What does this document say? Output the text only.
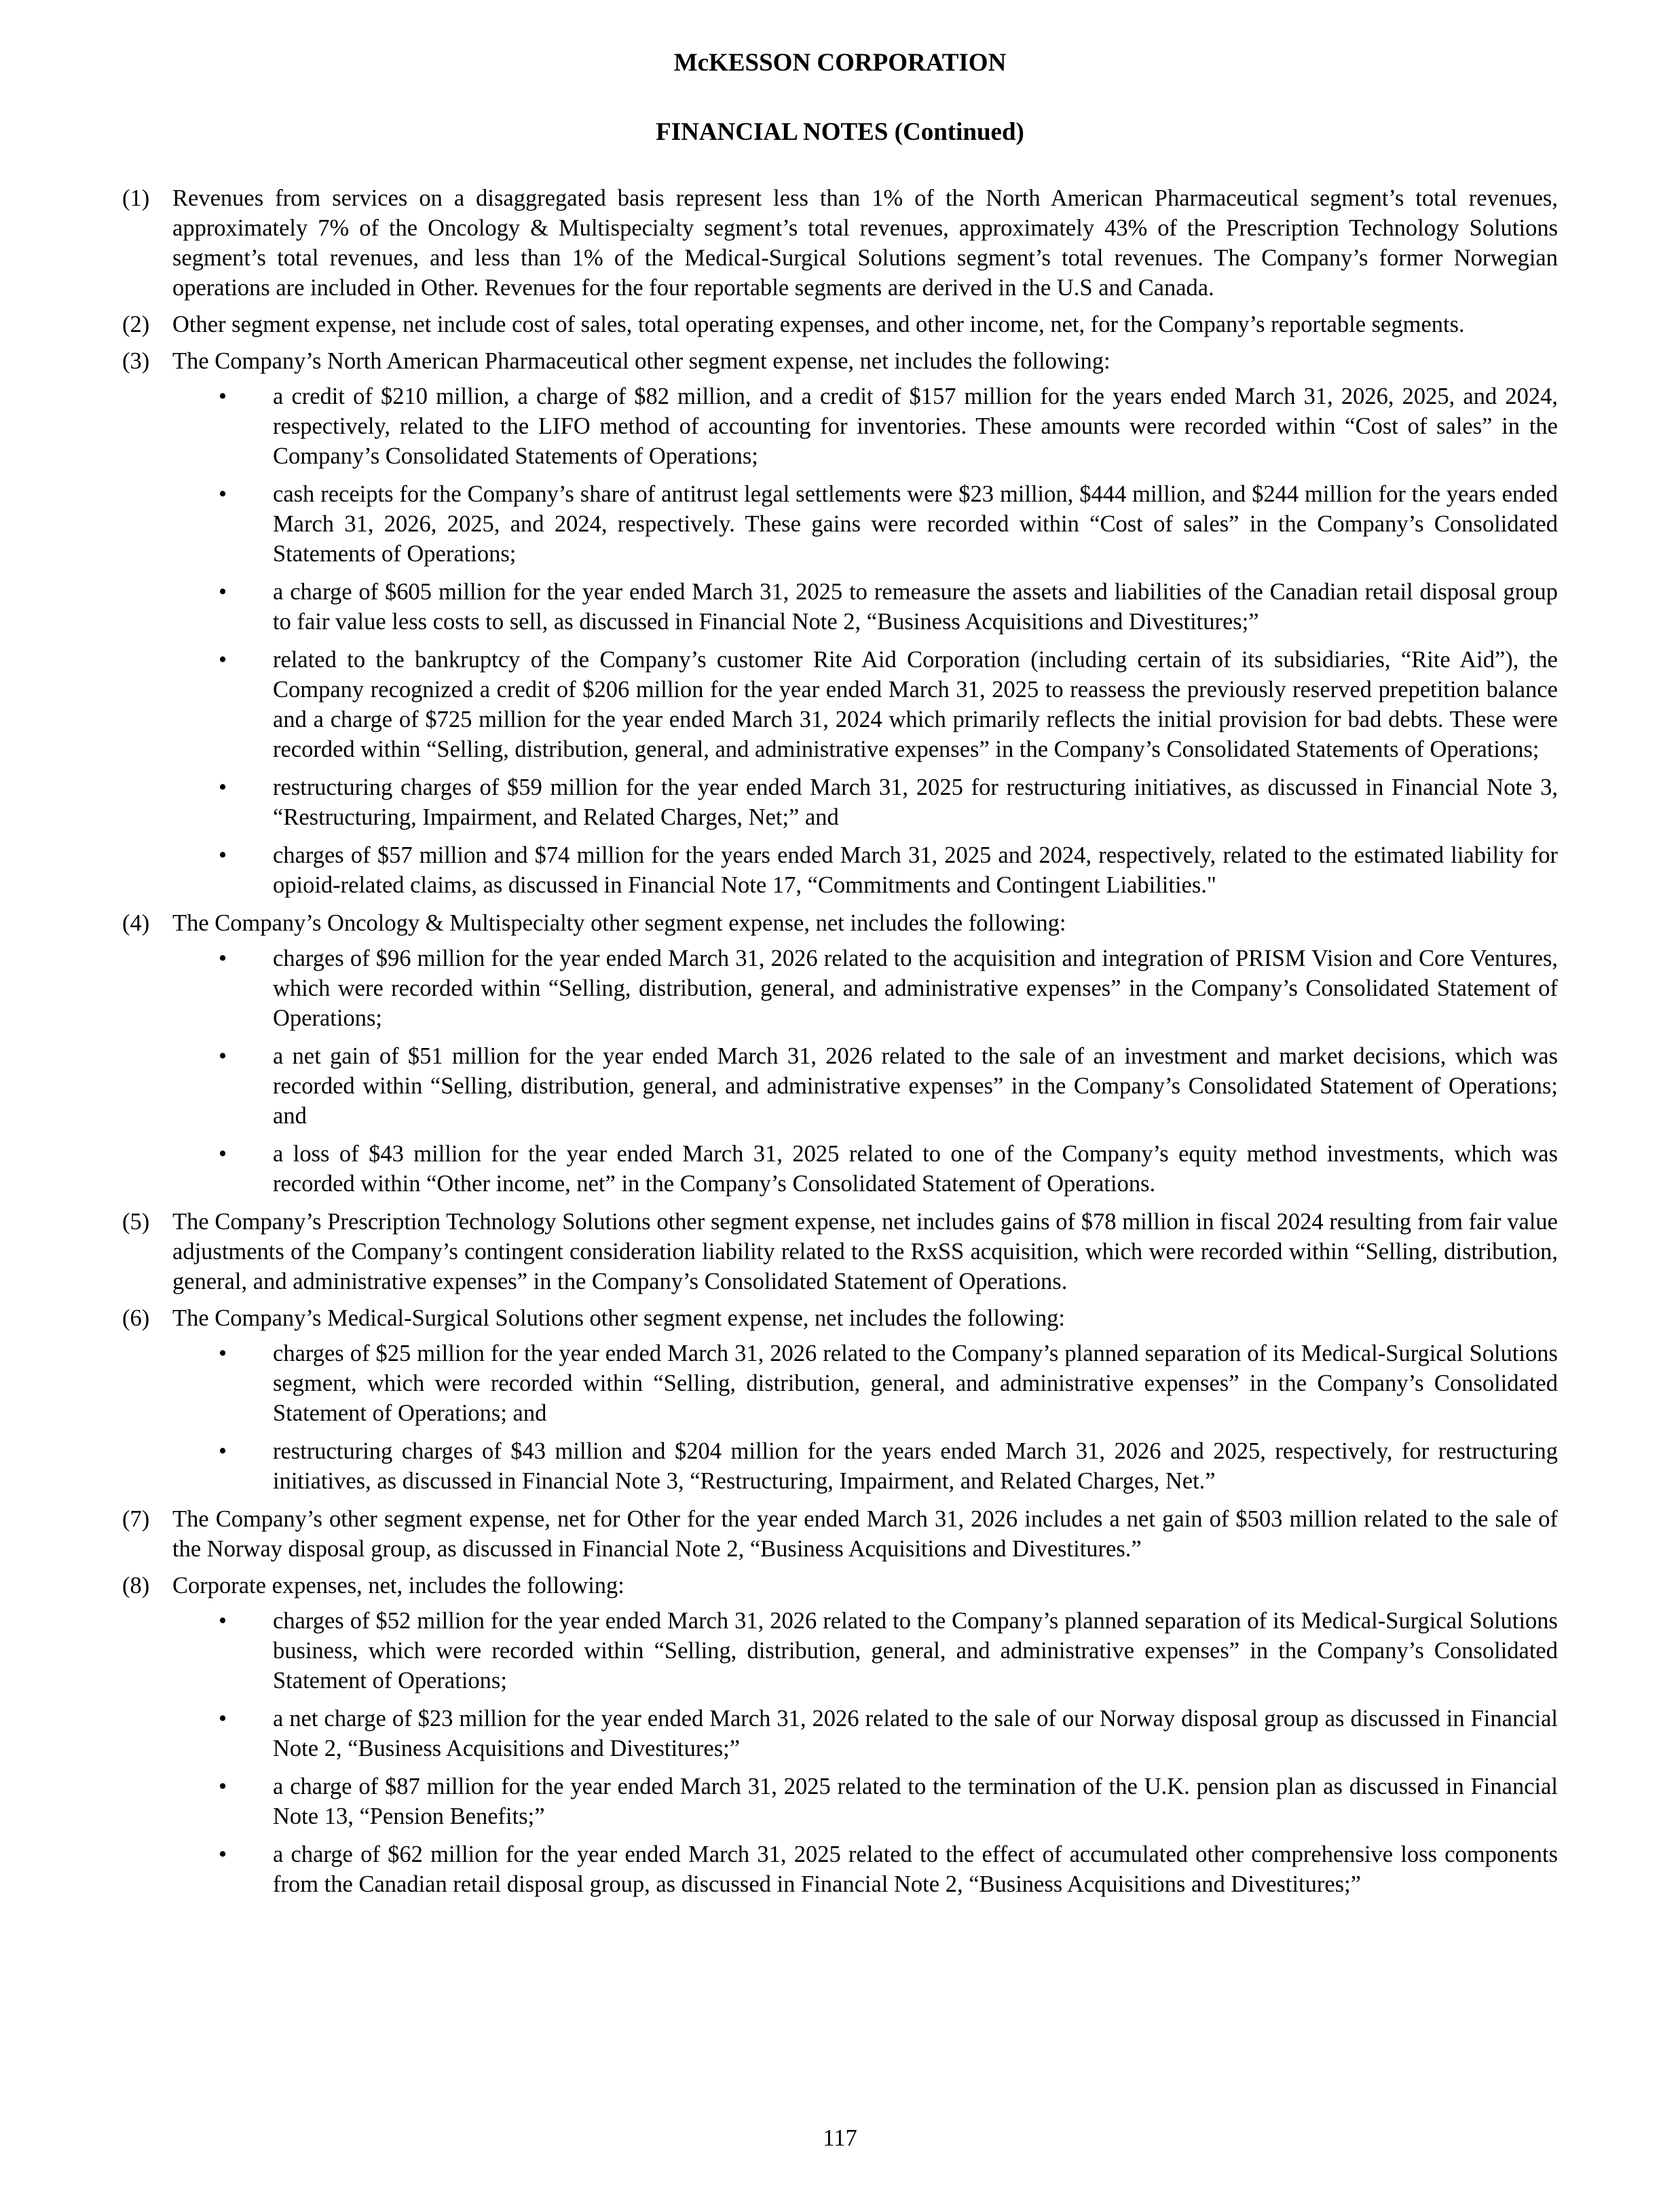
McKESSON CORPORATION
FINANCIAL NOTES (Continued)
(1) Revenues from services on a disaggregated basis represent less than 1% of the North American Pharmaceutical segment’s total revenues, approximately 7% of the Oncology & Multispecialty segment’s total revenues, approximately 43% of the Prescription Technology Solutions segment’s total revenues, and less than 1% of the Medical-Surgical Solutions segment’s total revenues. The Company’s former Norwegian operations are included in Other. Revenues for the four reportable segments are derived in the U.S and Canada.
(2) Other segment expense, net include cost of sales, total operating expenses, and other income, net, for the Company’s reportable segments.
(3) The Company’s North American Pharmaceutical other segment expense, net includes the following:
• a credit of $210 million, a charge of $82 million, and a credit of $157 million for the years ended March 31, 2026, 2025, and 2024, respectively, related to the LIFO method of accounting for inventories. These amounts were recorded within “Cost of sales” in the Company’s Consolidated Statements of Operations;
• cash receipts for the Company’s share of antitrust legal settlements were $23 million, $444 million, and $244 million for the years ended March 31, 2026, 2025, and 2024, respectively. These gains were recorded within “Cost of sales” in the Company’s Consolidated Statements of Operations;
• a charge of $605 million for the year ended March 31, 2025 to remeasure the assets and liabilities of the Canadian retail disposal group to fair value less costs to sell, as discussed in Financial Note 2, “Business Acquisitions and Divestitures;”
• related to the bankruptcy of the Company’s customer Rite Aid Corporation (including certain of its subsidiaries, “Rite Aid”), the Company recognized a credit of $206 million for the year ended March 31, 2025 to reassess the previously reserved prepetition balance and a charge of $725 million for the year ended March 31, 2024 which primarily reflects the initial provision for bad debts. These were recorded within “Selling, distribution, general, and administrative expenses” in the Company’s Consolidated Statements of Operations;
• restructuring charges of $59 million for the year ended March 31, 2025 for restructuring initiatives, as discussed in Financial Note 3, “Restructuring, Impairment, and Related Charges, Net;” and
• charges of $57 million and $74 million for the years ended March 31, 2025 and 2024, respectively, related to the estimated liability for opioid-related claims, as discussed in Financial Note 17, “Commitments and Contingent Liabilities."
(4) The Company’s Oncology & Multispecialty other segment expense, net includes the following:
• charges of $96 million for the year ended March 31, 2026 related to the acquisition and integration of PRISM Vision and Core Ventures, which were recorded within “Selling, distribution, general, and administrative expenses” in the Company’s Consolidated Statement of Operations;
• a net gain of $51 million for the year ended March 31, 2026 related to the sale of an investment and market decisions, which was recorded within “Selling, distribution, general, and administrative expenses” in the Company’s Consolidated Statement of Operations; and
• a loss of $43 million for the year ended March 31, 2025 related to one of the Company’s equity method investments, which was recorded within “Other income, net” in the Company’s Consolidated Statement of Operations.
(5) The Company’s Prescription Technology Solutions other segment expense, net includes gains of $78 million in fiscal 2024 resulting from fair value adjustments of the Company’s contingent consideration liability related to the RxSS acquisition, which were recorded within “Selling, distribution, general, and administrative expenses” in the Company’s Consolidated Statement of Operations.
(6) The Company’s Medical-Surgical Solutions other segment expense, net includes the following:
• charges of $25 million for the year ended March 31, 2026 related to the Company’s planned separation of its Medical-Surgical Solutions segment, which were recorded within “Selling, distribution, general, and administrative expenses” in the Company’s Consolidated Statement of Operations; and
• restructuring charges of $43 million and $204 million for the years ended March 31, 2026 and 2025, respectively, for restructuring initiatives, as discussed in Financial Note 3, “Restructuring, Impairment, and Related Charges, Net.”
(7) The Company’s other segment expense, net for Other for the year ended March 31, 2026 includes a net gain of $503 million related to the sale of the Norway disposal group, as discussed in Financial Note 2, “Business Acquisitions and Divestitures.”
(8) Corporate expenses, net, includes the following:
• charges of $52 million for the year ended March 31, 2026 related to the Company’s planned separation of its Medical-Surgical Solutions business, which were recorded within “Selling, distribution, general, and administrative expenses” in the Company’s Consolidated Statement of Operations;
• a net charge of $23 million for the year ended March 31, 2026 related to the sale of our Norway disposal group as discussed in Financial Note 2, “Business Acquisitions and Divestitures;”
• a charge of $87 million for the year ended March 31, 2025 related to the termination of the U.K. pension plan as discussed in Financial Note 13, “Pension Benefits;”
• a charge of $62 million for the year ended March 31, 2025 related to the effect of accumulated other comprehensive loss components from the Canadian retail disposal group, as discussed in Financial Note 2, “Business Acquisitions and Divestitures;”
117
